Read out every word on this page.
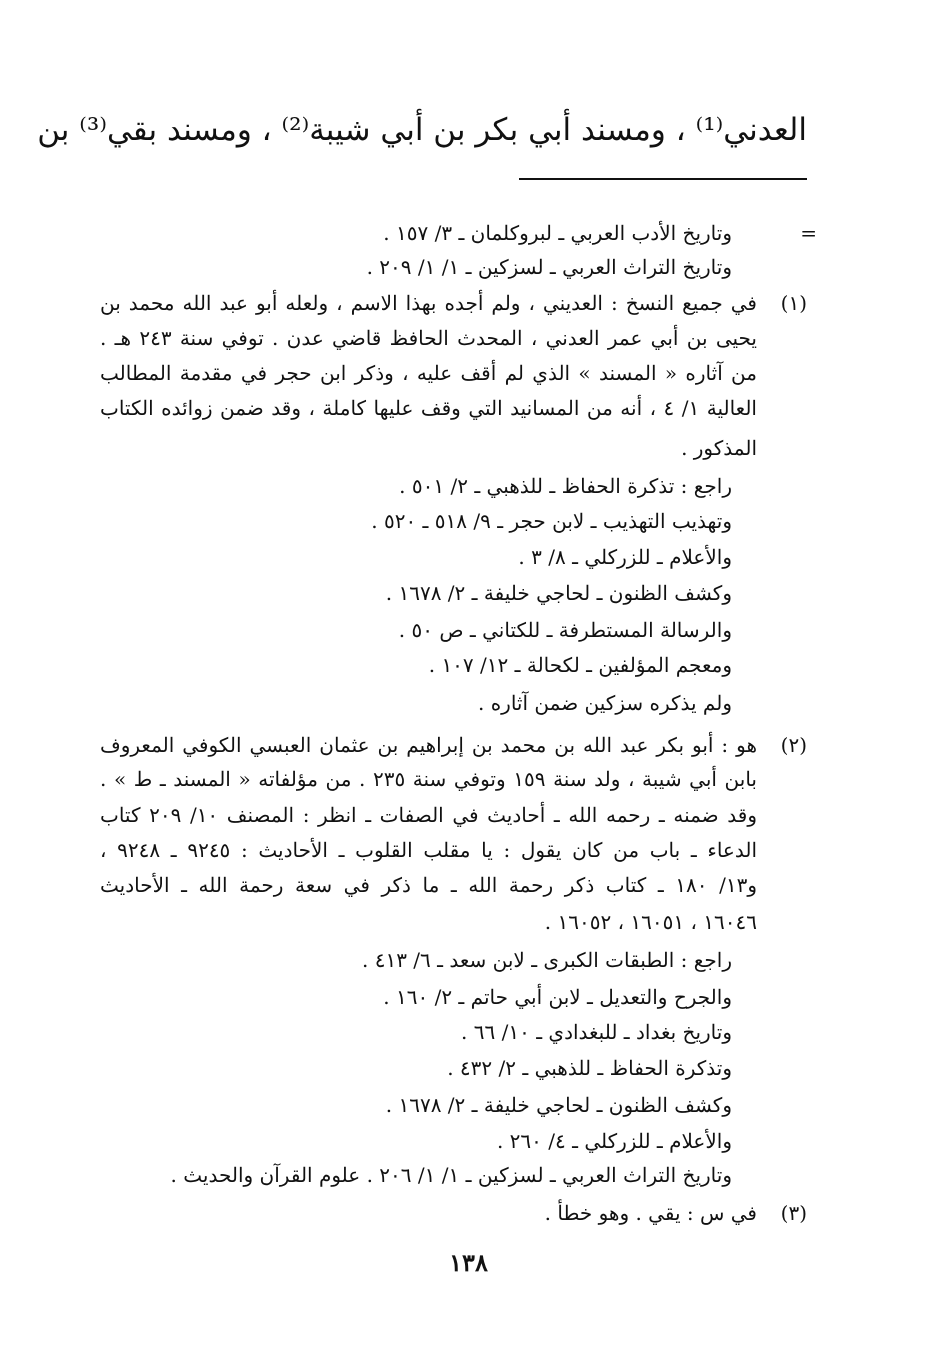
العدني⁽¹⁾ ، ومسند أبي بكر بن أبي شيبة⁽²⁾ ، ومسند بقي⁽³⁾ بن
=
وتاريخ الأدب العربي ـ لبروكلمان ـ ٣/ ١٥٧ .
وتاريخ التراث العربي ـ لسزكين ـ ١/ ١/ ٢٠٩ .
(١)
في جميع النسخ : العديني ، ولم أجده بهذا الاسم ، ولعله أبو عبد الله محمد بن
يحيى بن أبي عمر العدني ، المحدث الحافظ قاضي عدن . توفي سنة ٢٤٣ هـ .
من آثاره « المسند » الذي لم أقف عليه ، وذكر ابن حجر في مقدمة المطالب
العالية ١/ ٤ ، أنه من المسانيد التي وقف عليها كاملة ، وقد ضمن زوائده الكتاب
المذكور .
راجع : تذكرة الحفاظ ـ للذهبي ـ ٢/ ٥٠١ .
وتهذيب التهذيب ـ لابن حجر ـ ٩/ ٥١٨ ـ ٥٢٠ .
والأعلام ـ للزركلي ـ ٨/ ٣ .
وكشف الظنون ـ لحاجي خليفة ـ ٢/ ١٦٧٨ .
والرسالة المستطرفة ـ للكتاني ـ ص ٥٠ .
ومعجم المؤلفين ـ لكحالة ـ ١٢/ ١٠٧ .
ولم يذكره سزكين ضمن آثاره .
(٢)
هو : أبو بكر عبد الله بن محمد بن إبراهيم بن عثمان العبسي الكوفي المعروف
بابن أبي شيبة ، ولد سنة ١٥٩ وتوفي سنة ٢٣٥ . من مؤلفاته « المسند ـ ط » .
وقد ضمنه ـ رحمه الله ـ أحاديث في الصفات ـ انظر : المصنف ١٠/ ٢٠٩ كتاب
الدعاء ـ باب من كان يقول : يا مقلب القلوب ـ الأحاديث : ٩٢٤٥ ـ ٩٢٤٨ ،
و١٣/ ١٨٠ ـ كتاب ذكر رحمة الله ـ ما ذكر في سعة رحمة الله ـ الأحاديث
١٦٠٤٦ ، ١٦٠٥١ ، ١٦٠٥٢ .
راجع : الطبقات الكبرى ـ لابن سعد ـ ٦/ ٤١٣ .
والجرح والتعديل ـ لابن أبي حاتم ـ ٢/ ١٦٠ .
وتاريخ بغداد ـ للبغدادي ـ ١٠/ ٦٦ .
وتذكرة الحفاظ ـ للذهبي ـ ٢/ ٤٣٢ .
وكشف الظنون ـ لحاجي خليفة ـ ٢/ ١٦٧٨ .
والأعلام ـ للزركلي ـ ٤/ ٢٦٠ .
وتاريخ التراث العربي ـ لسزكين ـ ١/ ١/ ٢٠٦ . علوم القرآن والحديث .
(٣)
في س : يقي . وهو خطأ .
١٣٨
